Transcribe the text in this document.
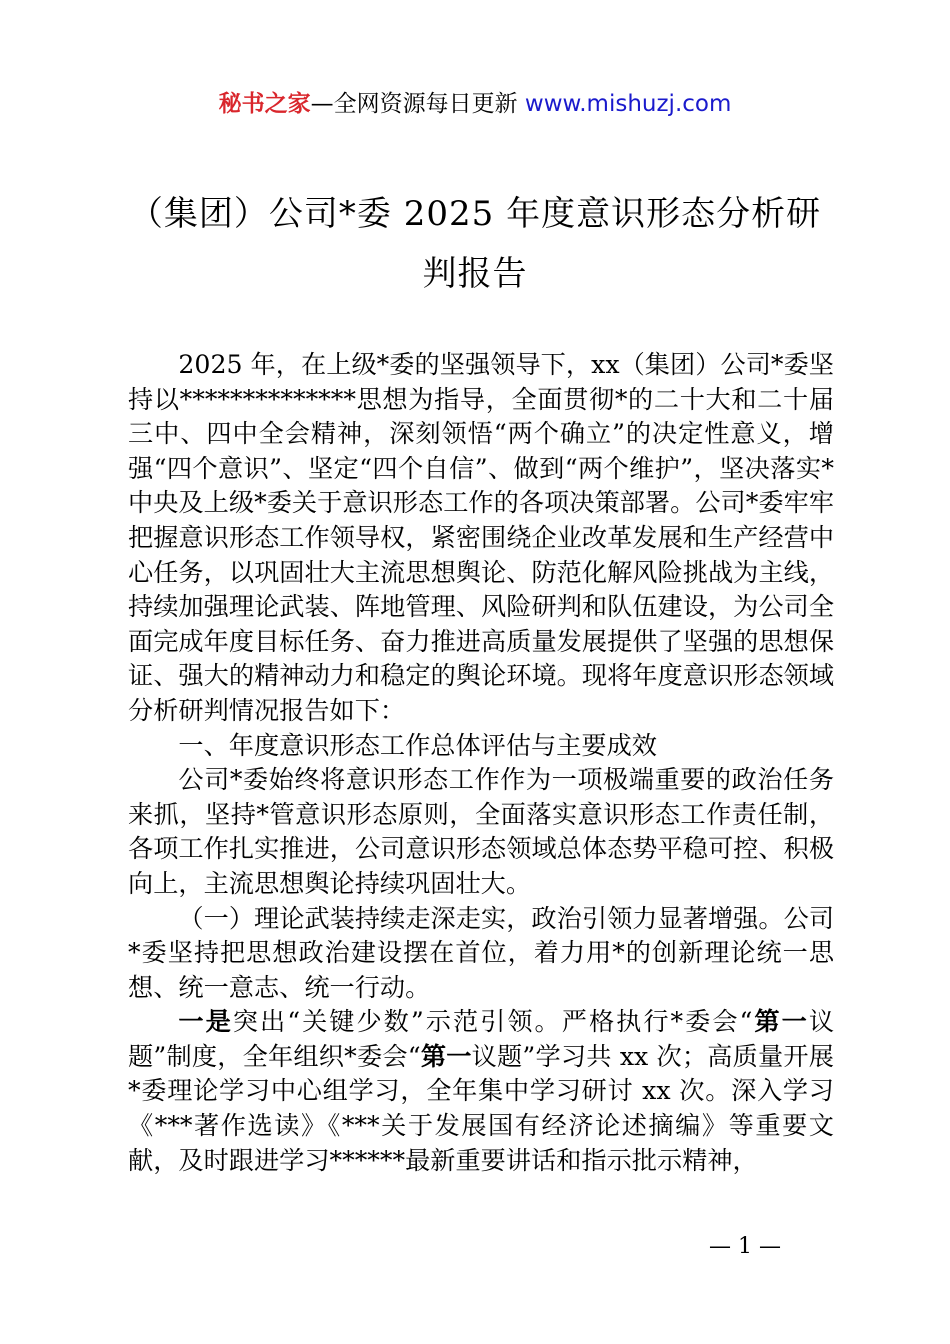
秘书之家—全网资源每日更新 www.mishuzj.com
（集团）公司*委 2025 年度意识形态分析研
判报告

2025 年，在上级*委的坚强领导下，xx（集团）公司*委坚持以**************思想为指导，全面贯彻*的二十大和二十届三中、四中全会精神，深刻领悟“两个确立”的决定性意义，增强“四个意识”、坚定“四个自信”、做到“两个维护”，坚决落实*中央及上级*委关于意识形态工作的各项决策部署。公司*委牢牢把握意识形态工作领导权，紧密围绕企业改革发展和生产经营中心任务，以巩固壮大主流思想舆论、防范化解风险挑战为主线，持续加强理论武装、阵地管理、风险研判和队伍建设，为公司全面完成年度目标任务、奋力推进高质量发展提供了坚强的思想保证、强大的精神动力和稳定的舆论环境。现将年度意识形态领域分析研判情况报告如下：

一、年度意识形态工作总体评估与主要成效

公司*委始终将意识形态工作作为一项极端重要的政治任务来抓，坚持*管意识形态原则，全面落实意识形态工作责任制，各项工作扎实推进，公司意识形态领域总体态势平稳可控、积极向上，主流思想舆论持续巩固壮大。

（一）理论武装持续走深走实，政治引领力显著增强。公司*委坚持把思想政治建设摆在首位，着力用*的创新理论统一思想、统一意志、统一行动。

一是突出“关键少数”示范引领。严格执行*委会“第一议题”制度，全年组织*委会“第一议题”学习共 xx 次；高质量开展*委理论学习中心组学习，全年集中学习研讨 xx 次。深入学习《***著作选读》《***关于发展国有经济论述摘编》等重要文献，及时跟进学习******最新重要讲话和指示批示精神，

— 1 —
